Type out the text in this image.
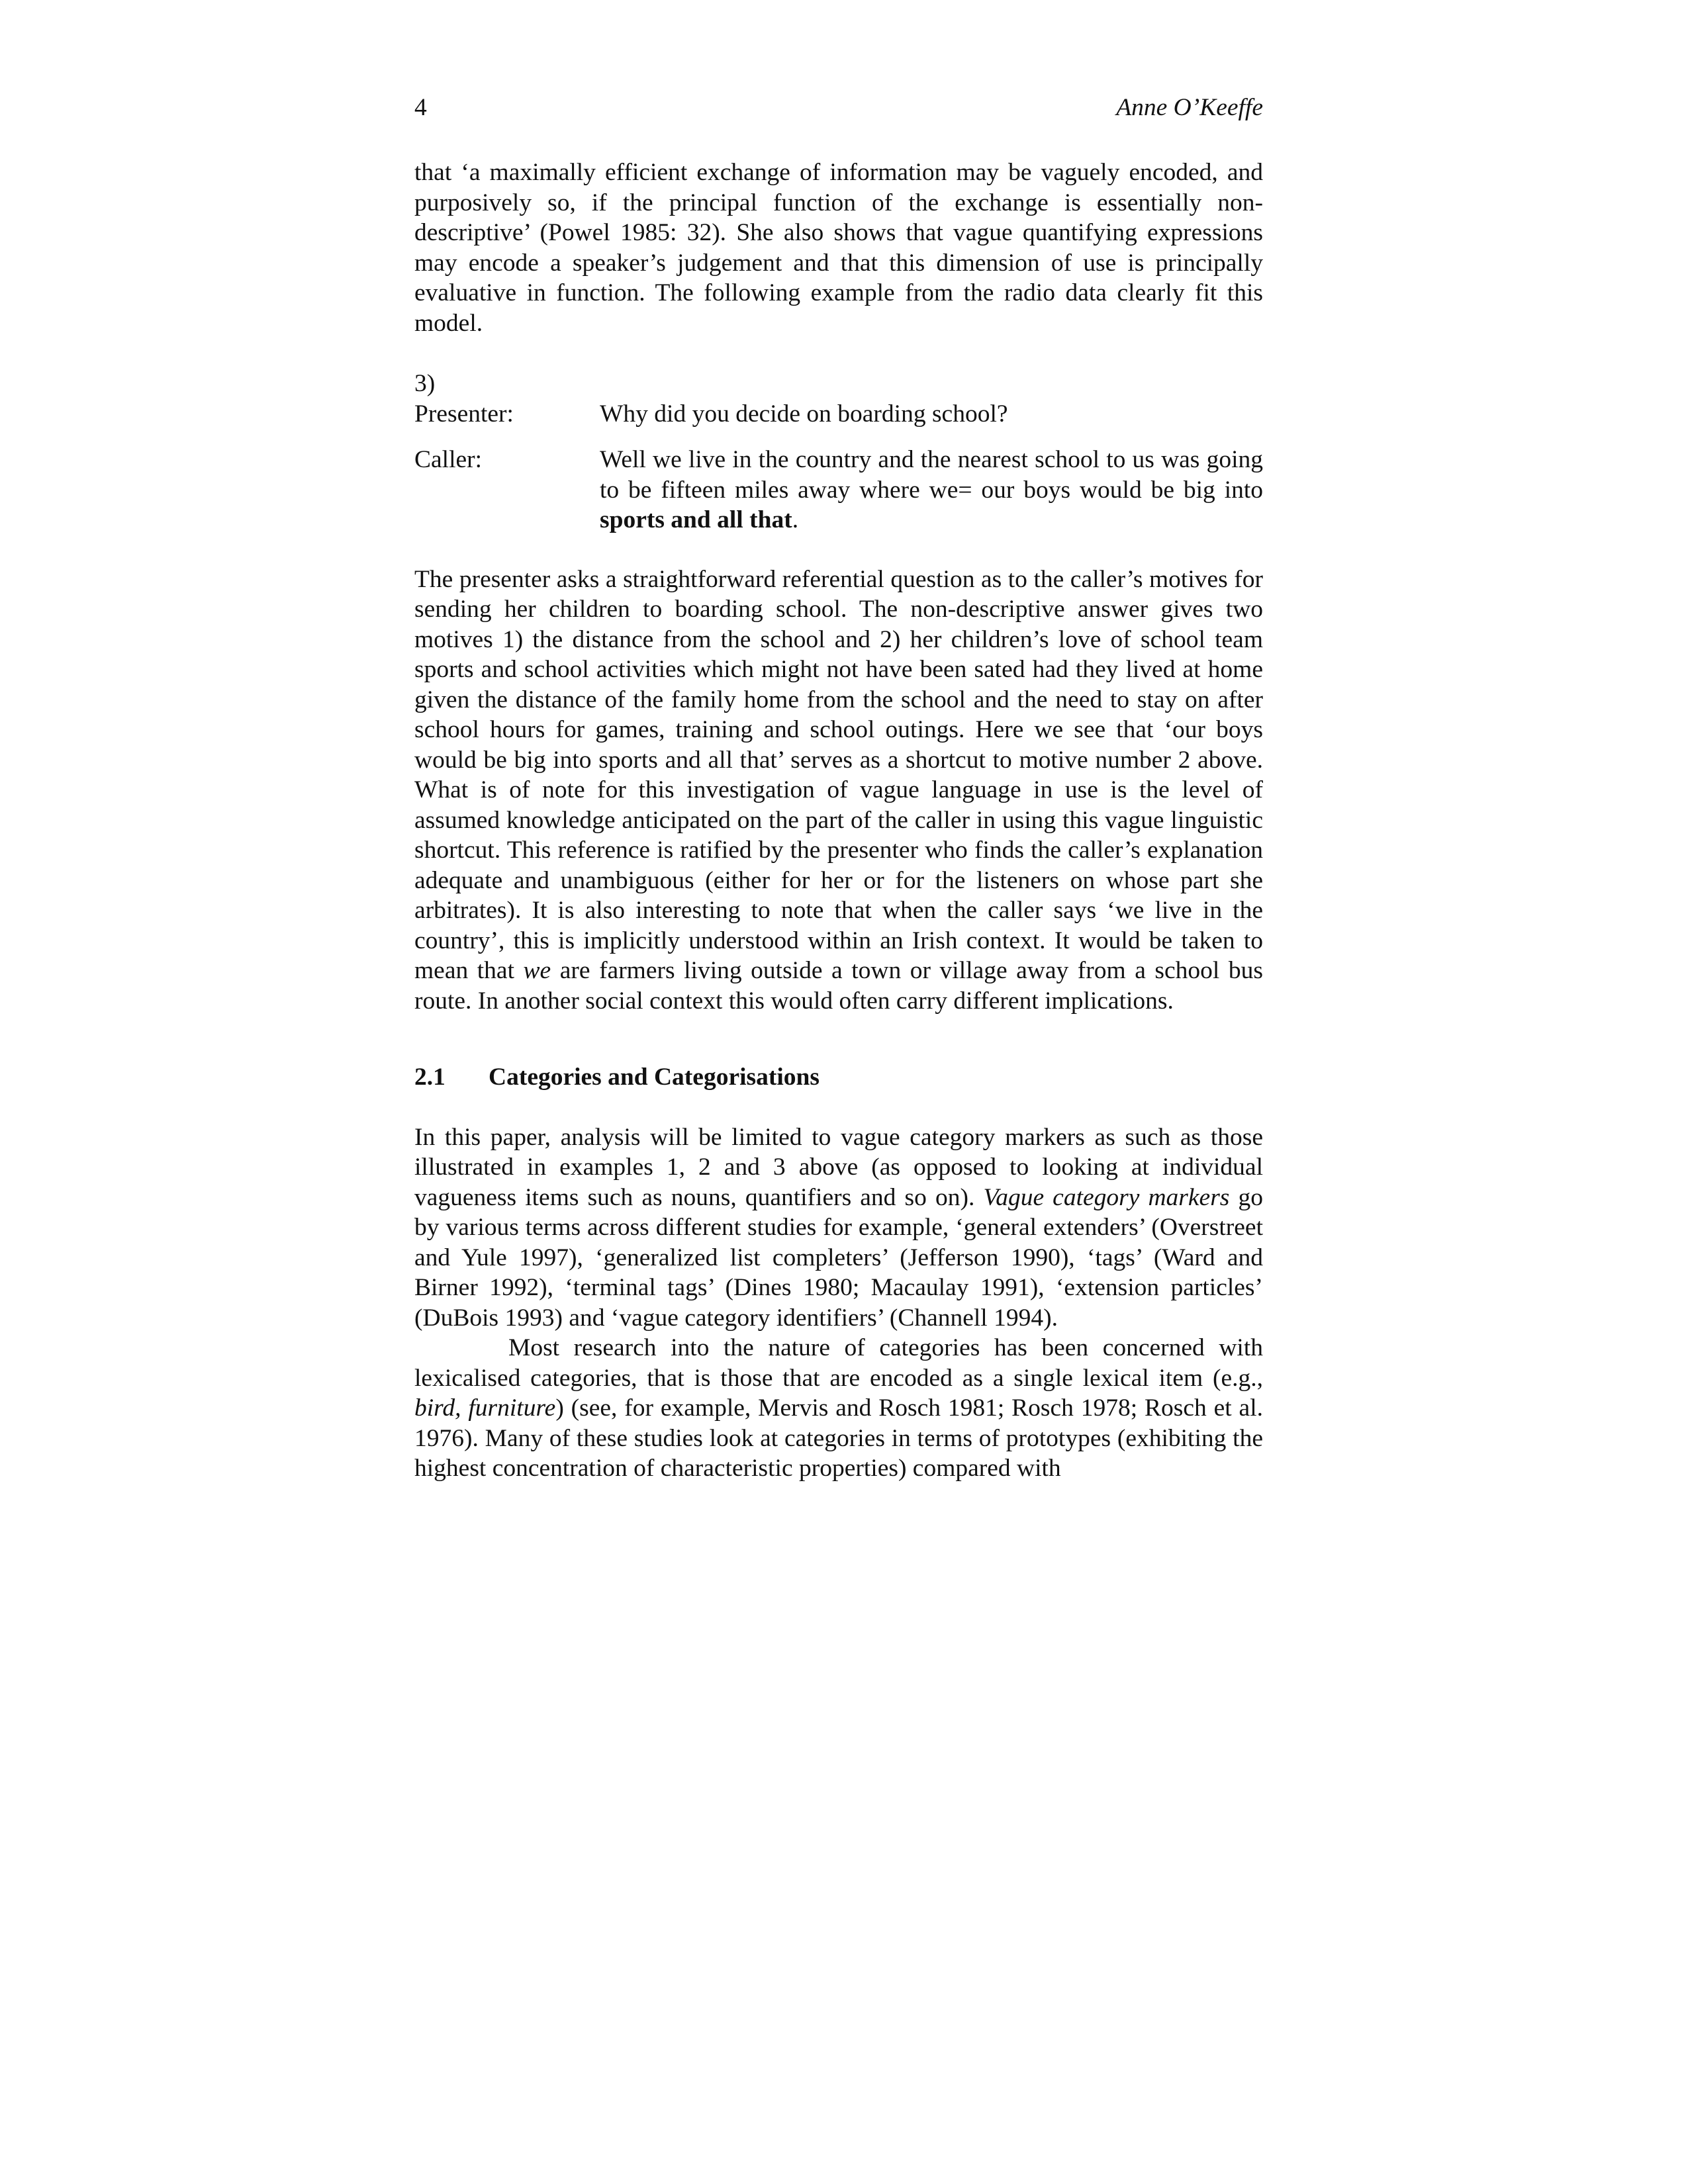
4	Anne O’Keeffe

that ‘a maximally efficient exchange of information may be vaguely encoded, and purposively so, if the principal function of the exchange is essentially non-descriptive’ (Powel 1985: 32). She also shows that vague quantifying expressions may encode a speaker’s judgement and that this dimension of use is principally evaluative in function. The following example from the radio data clearly fit this model.

3)
Presenter:	Why did you decide on boarding school?
Caller:	Well we live in the country and the nearest school to us was going to be fifteen miles away where we= our boys would be big into sports and all that.

The presenter asks a straightforward referential question as to the caller’s motives for sending her children to boarding school. The non-descriptive answer gives two motives 1) the distance from the school and 2) her children’s love of school team sports and school activities which might not have been sated had they lived at home given the distance of the family home from the school and the need to stay on after school hours for games, training and school outings. Here we see that ‘our boys would be big into sports and all that’ serves as a shortcut to motive number 2 above. What is of note for this investigation of vague language in use is the level of assumed knowledge anticipated on the part of the caller in using this vague linguistic shortcut. This reference is ratified by the presenter who finds the caller’s explanation adequate and unambiguous (either for her or for the listeners on whose part she arbitrates). It is also interesting to note that when the caller says ‘we live in the country’, this is implicitly understood within an Irish context. It would be taken to mean that we are farmers living outside a town or village away from a school bus route. In another social context this would often carry different implications.

2.1	Categories and Categorisations

In this paper, analysis will be limited to vague category markers as such as those illustrated in examples 1, 2 and 3 above (as opposed to looking at individual vagueness items such as nouns, quantifiers and so on). Vague category markers go by various terms across different studies for example, ‘general extenders’ (Overstreet and Yule 1997), ‘generalized list completers’ (Jefferson 1990), ‘tags’ (Ward and Birner 1992), ‘terminal tags’ (Dines 1980; Macaulay 1991), ‘extension particles’ (DuBois 1993) and ‘vague category identifiers’ (Channell 1994).

Most research into the nature of categories has been concerned with lexicalised categories, that is those that are encoded as a single lexical item (e.g., bird, furniture) (see, for example, Mervis and Rosch 1981; Rosch 1978; Rosch et al. 1976). Many of these studies look at categories in terms of prototypes (exhibiting the highest concentration of characteristic properties) compared with
